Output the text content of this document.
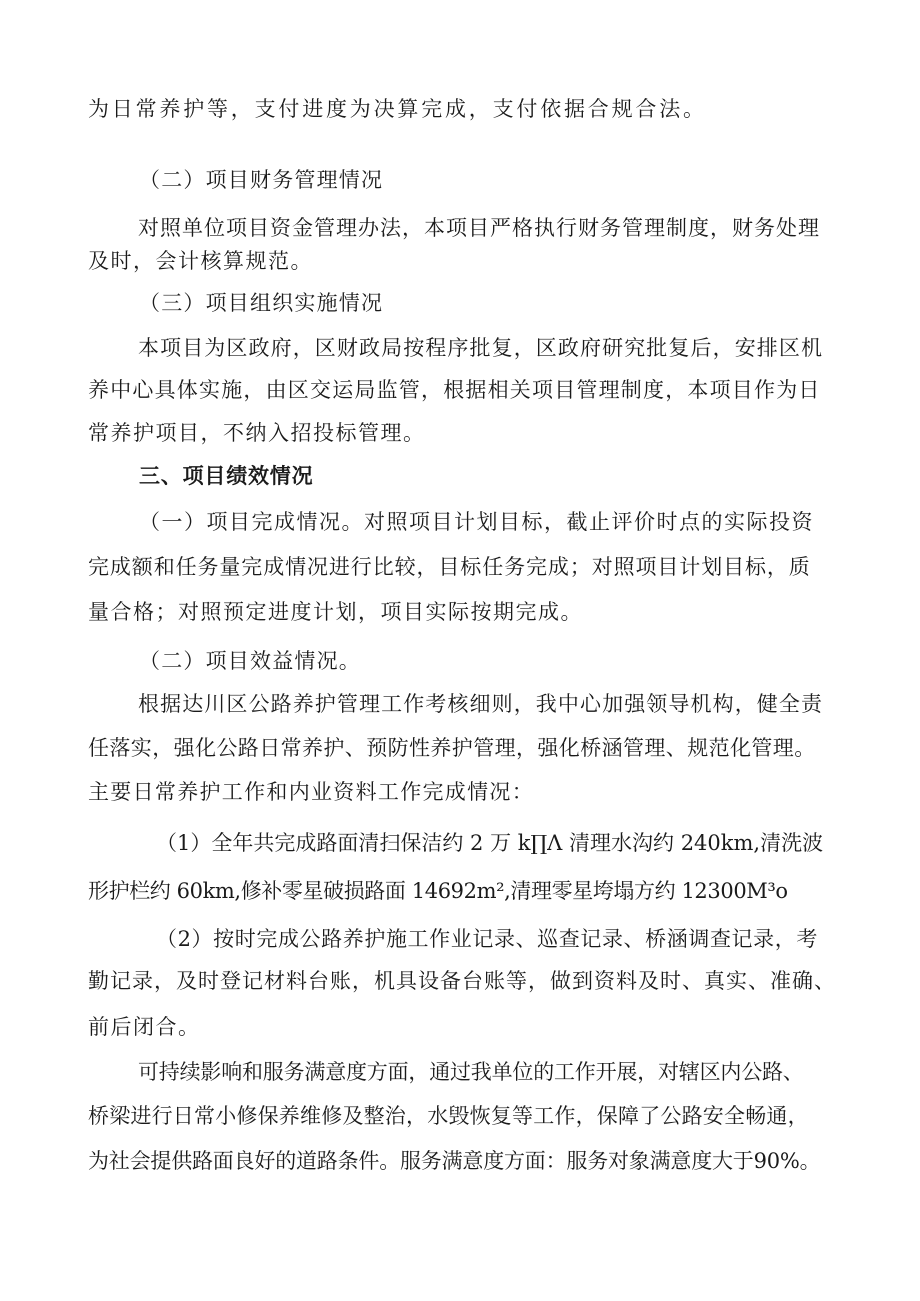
为日常养护等，支付进度为决算完成，支付依据合规合法。
（二）项目财务管理情况
对照单位项目资金管理办法，本项目严格执行财务管理制度，财务处理
及时，会计核算规范。
（三）项目组织实施情况
本项目为区政府，区财政局按程序批复，区政府研究批复后，安排区机
养中心具体实施，由区交运局监管，根据相关项目管理制度，本项目作为日
常养护项目，不纳入招投标管理。
三、项目绩效情况
（一）项目完成情况。对照项目计划目标，截止评价时点的实际投资
完成额和任务量完成情况进行比较，目标任务完成；对照项目计划目标，质
量合格；对照预定进度计划，项目实际按期完成。
（二）项目效益情况。
根据达川区公路养护管理工作考核细则，我中心加强领导机构，健全责
任落实，强化公路日常养护、预防性养护管理，强化桥涵管理、规范化管理。
主要日常养护工作和内业资料工作完成情况：
（1）全年共完成路面清扫保洁约 2 万 k∏Λ 清理水沟约 240km,清洗波
形护栏约 60km,修补零星破损路面 14692m²,清理零星垮塌方约 12300M³o
（2）按时完成公路养护施工作业记录、巡查记录、桥涵调查记录，考
勤记录，及时登记材料台账，机具设备台账等，做到资料及时、真实、准确、
前后闭合。
可持续影响和服务满意度方面，通过我单位的工作开展，对辖区内公路、
桥梁进行日常小修保养维修及整治，水毁恢复等工作，保障了公路安全畅通，
为社会提供路面良好的道路条件。服务满意度方面：服务对象满意度大于90%。
